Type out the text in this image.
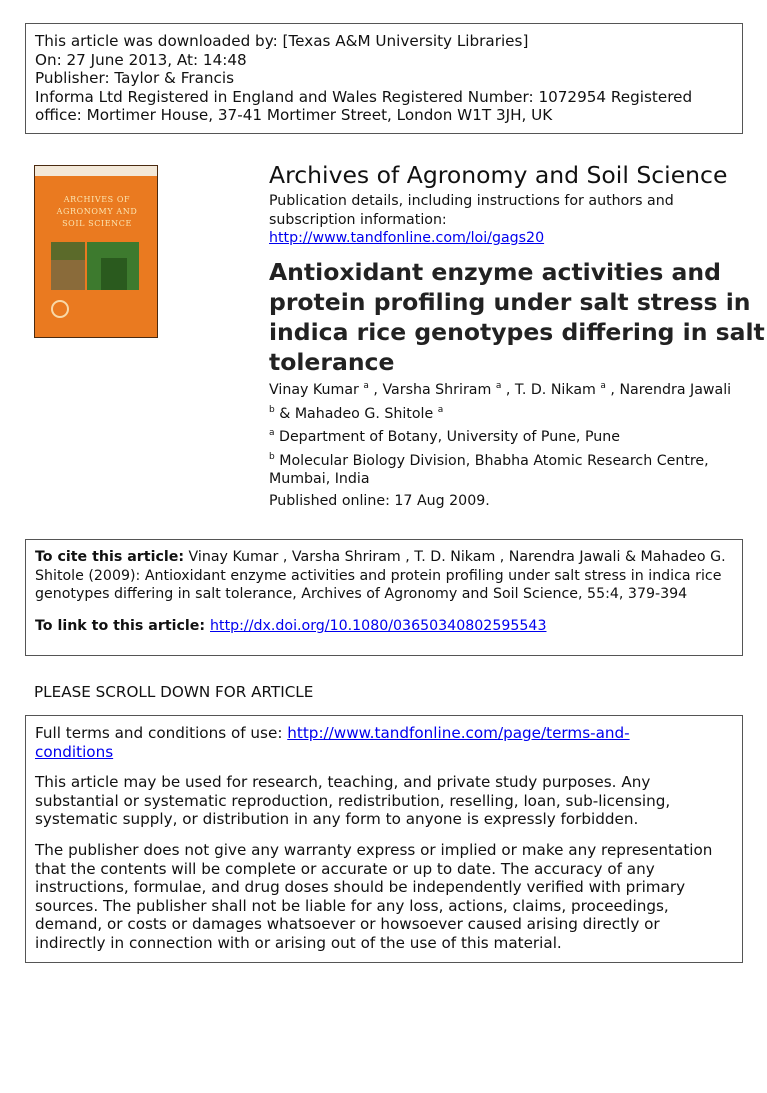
This article was downloaded by: [Texas A&M University Libraries]
On: 27 June 2013, At: 14:48
Publisher: Taylor & Francis
Informa Ltd Registered in England and Wales Registered Number: 1072954 Registered
office: Mortimer House, 37-41 Mortimer Street, London W1T 3JH, UK
ARCHIVES OF
AGRONOMY AND
SOIL SCIENCE
Archives of Agronomy and Soil Science
Publication details, including instructions for authors and
subscription information:
http://www.tandfonline.com/loi/gags20
Antioxidant enzyme activities and
protein profiling under salt stress in
indica rice genotypes differing in salt
tolerance
Vinay Kumar $^a$ , Varsha Shriram $^a$ , T. D. Nikam $^a$ , Narendra Jawali
$^b$ & Mahadeo G. Shitole $^a$
$^a$ Department of Botany, University of Pune, Pune
$^b$ Molecular Biology Division, Bhabha Atomic Research Centre,
Mumbai, India
Published online: 17 Aug 2009.
To cite this article: Vinay Kumar , Varsha Shriram , T. D. Nikam , Narendra Jawali & Mahadeo G.
Shitole (2009): Antioxidant enzyme activities and protein profiling under salt stress in indica rice
genotypes differing in salt tolerance, Archives of Agronomy and Soil Science, 55:4, 379-394
To link to this article: http://dx.doi.org/10.1080/03650340802595543
PLEASE SCROLL DOWN FOR ARTICLE
Full terms and conditions of use: http://www.tandfonline.com/page/terms-and-
conditions
This article may be used for research, teaching, and private study purposes. Any
substantial or systematic reproduction, redistribution, reselling, loan, sub-licensing,
systematic supply, or distribution in any form to anyone is expressly forbidden.
The publisher does not give any warranty express or implied or make any representation
that the contents will be complete or accurate or up to date. The accuracy of any
instructions, formulae, and drug doses should be independently verified with primary
sources. The publisher shall not be liable for any loss, actions, claims, proceedings,
demand, or costs or damages whatsoever or howsoever caused arising directly or
indirectly in connection with or arising out of the use of this material.
